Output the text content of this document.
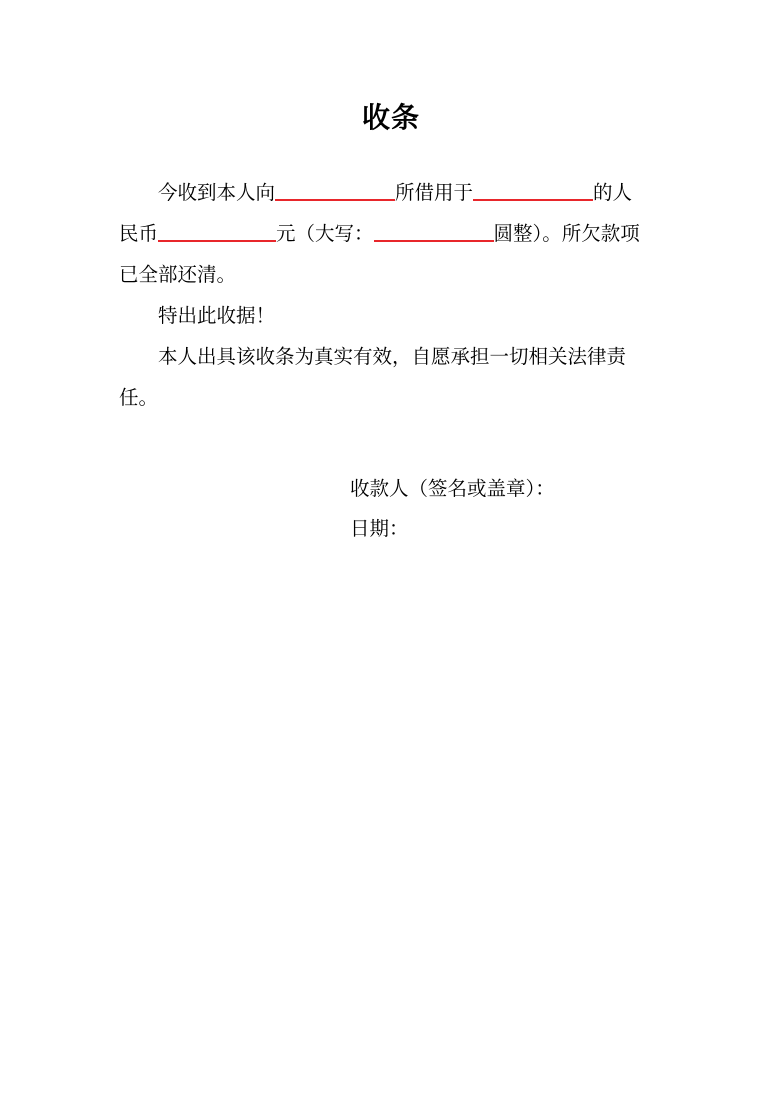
收条
今收到本人向	所借用于	的人
民币	元（大写：	圆整）。所欠款项
已全部还清。
特出此收据！
本人出具该收条为真实有效，自愿承担一切相关法律责
任。
收款人（签名或盖章）：
日期：
